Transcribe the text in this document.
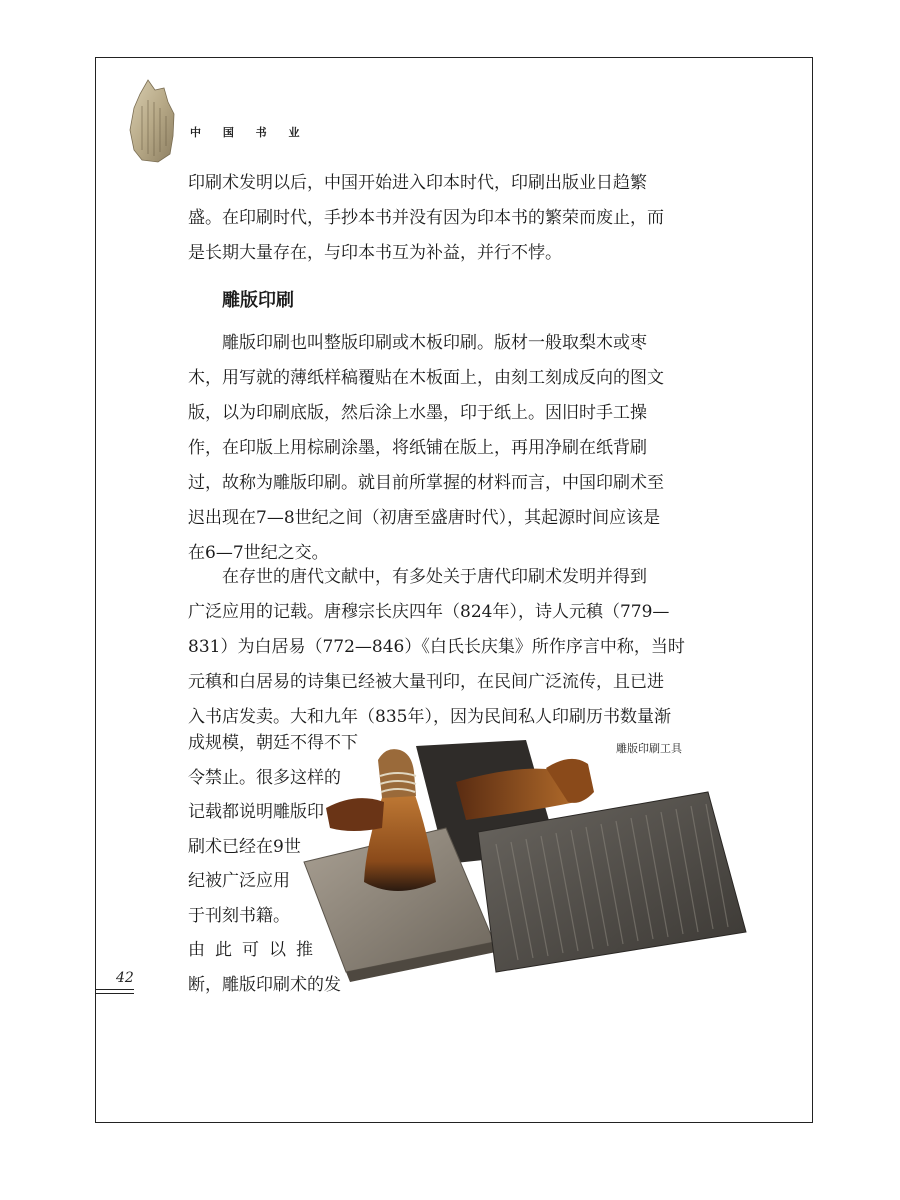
中 国 书 业

印刷术发明以后，中国开始进入印本时代，印刷出版业日趋繁
盛。在印刷时代，手抄本书并没有因为印本书的繁荣而废止，而
是长期大量存在，与印本书互为补益，并行不悖。

雕版印刷

雕版印刷也叫整版印刷或木板印刷。版材一般取梨木或枣
木，用写就的薄纸样稿覆贴在木板面上，由刻工刻成反向的图文
版，以为印刷底版，然后涂上水墨，印于纸上。因旧时手工操
作，在印版上用棕刷涂墨，将纸铺在版上，再用净刷在纸背刷
过，故称为雕版印刷。就目前所掌握的材料而言，中国印刷术至
迟出现在7—8世纪之间（初唐至盛唐时代），其起源时间应该是
在6—7世纪之交。

在存世的唐代文献中，有多处关于唐代印刷术发明并得到
广泛应用的记载。唐穆宗长庆四年（824年），诗人元稹（779—
831）为白居易（772—846）《白氏长庆集》所作序言中称，当时
元稹和白居易的诗集已经被大量刊印，在民间广泛流传，且已进
入书店发卖。大和九年（835年），因为民间私人印刷历书数量渐

成规模，朝廷不得不下
令禁止。很多这样的
记载都说明雕版印
刷术已经在9世
纪被广泛应用
于刊刻书籍。
由此可以推
断，雕版印刷术的发
雕版印刷工具
42
